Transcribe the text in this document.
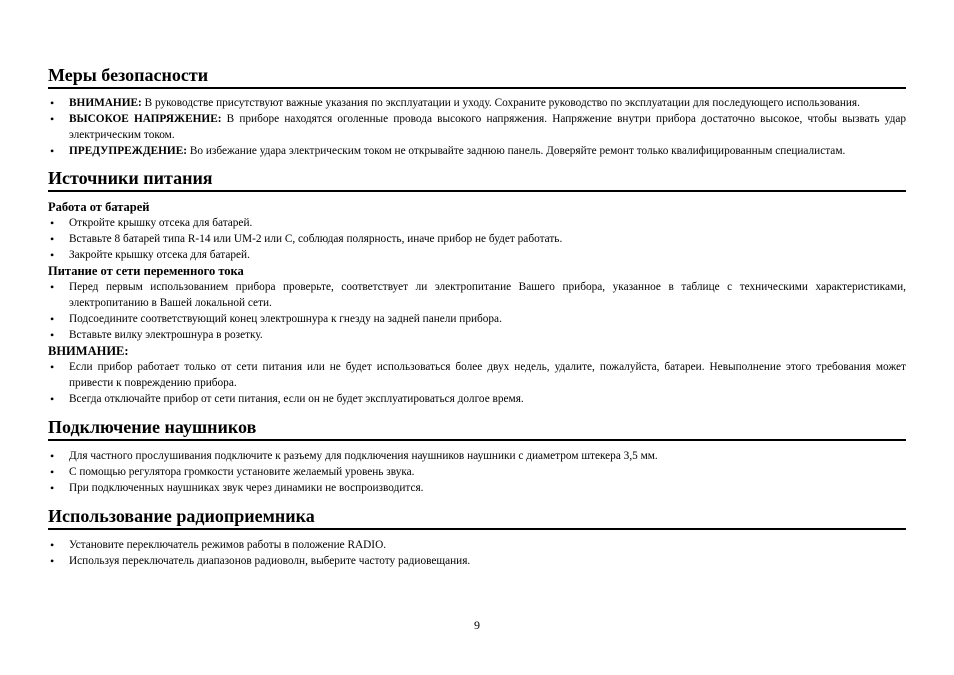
Меры безопасности
• ВНИМАНИЕ: В руководстве присутствуют важные указания по эксплуатации и уходу. Сохраните руководство по эксплуатации для последующего использования.
• ВЫСОКОЕ НАПРЯЖЕНИЕ: В приборе находятся оголенные провода высокого напряжения. Напряжение внутри прибора достаточно высокое, чтобы вызвать удар электрическим током.
• ПРЕДУПРЕЖДЕНИЕ: Во избежание удара электрическим током не открывайте заднюю панель. Доверяйте ремонт только квалифицированным специалистам.
Источники питания
Работа от батарей
• Откройте крышку отсека для батарей.
• Вставьте 8 батарей типа R-14 или UM-2 или С, соблюдая полярность, иначе прибор не будет работать.
• Закройте крышку отсека для батарей.
Питание от сети переменного тока
• Перед первым использованием прибора проверьте, соответствует ли электропитание Вашего прибора, указанное в таблице с техническими характеристиками, электропитанию в Вашей локальной сети.
• Подсоедините соответствующий конец электрошнура к гнезду на задней панели прибора.
• Вставьте вилку электрошнура в розетку.
ВНИМАНИЕ:
• Если прибор работает только от сети питания или не будет использоваться более двух недель, удалите, пожалуйста, батареи. Невыполнение этого требования может привести к повреждению прибора.
• Всегда отключайте прибор от сети питания, если он не будет эксплуатироваться долгое время.
Подключение наушников
• Для частного прослушивания подключите к разъему для подключения наушников наушники с диаметром штекера 3,5 мм.
• С помощью регулятора громкости установите желаемый уровень звука.
• При подключенных наушниках звук через динамики не воспроизводится.
Использование радиоприемника
• Установите переключатель режимов работы в положение RADIO.
• Используя переключатель диапазонов радиоволн, выберите частоту радиовещания.
9
